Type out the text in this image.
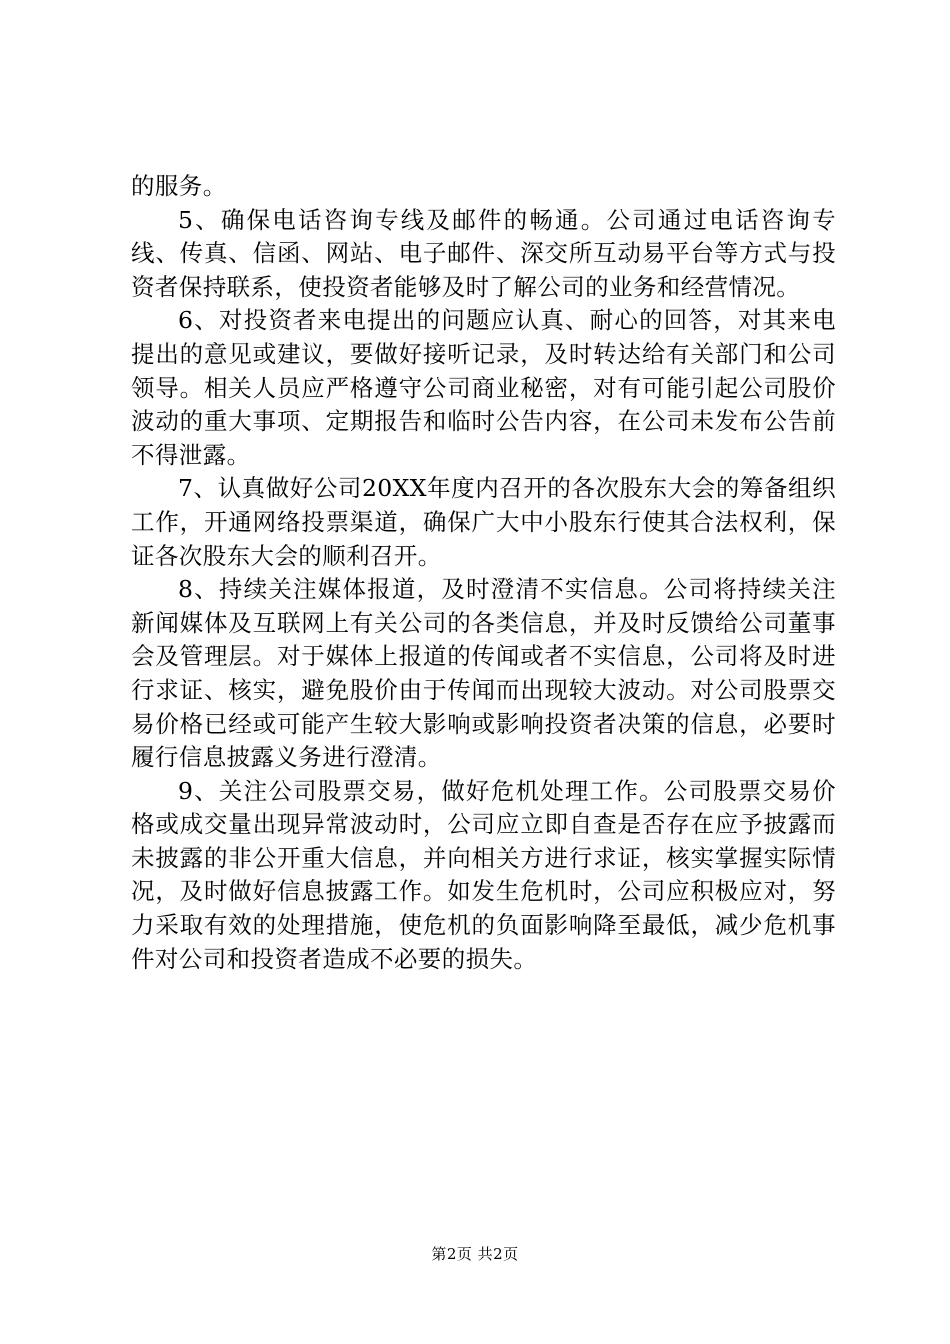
的服务。

5、确保电话咨询专线及邮件的畅通。公司通过电话咨询专线、传真、信函、网站、电子邮件、深交所互动易平台等方式与投资者保持联系，使投资者能够及时了解公司的业务和经营情况。

6、对投资者来电提出的问题应认真、耐心的回答，对其来电提出的意见或建议，要做好接听记录，及时转达给有关部门和公司领导。相关人员应严格遵守公司商业秘密，对有可能引起公司股价波动的重大事项、定期报告和临时公告内容，在公司未发布公告前不得泄露。

7、认真做好公司20XX年度内召开的各次股东大会的筹备组织工作，开通网络投票渠道，确保广大中小股东行使其合法权利，保证各次股东大会的顺利召开。

8、持续关注媒体报道，及时澄清不实信息。公司将持续关注新闻媒体及互联网上有关公司的各类信息，并及时反馈给公司董事会及管理层。对于媒体上报道的传闻或者不实信息，公司将及时进行求证、核实，避免股价由于传闻而出现较大波动。对公司股票交易价格已经或可能产生较大影响或影响投资者决策的信息，必要时履行信息披露义务进行澄清。

9、关注公司股票交易，做好危机处理工作。公司股票交易价格或成交量出现异常波动时，公司应立即自查是否存在应予披露而未披露的非公开重大信息，并向相关方进行求证，核实掌握实际情况，及时做好信息披露工作。如发生危机时，公司应积极应对，努力采取有效的处理措施，使危机的负面影响降至最低，减少危机事件对公司和投资者造成不必要的损失。

第2页 共2页
